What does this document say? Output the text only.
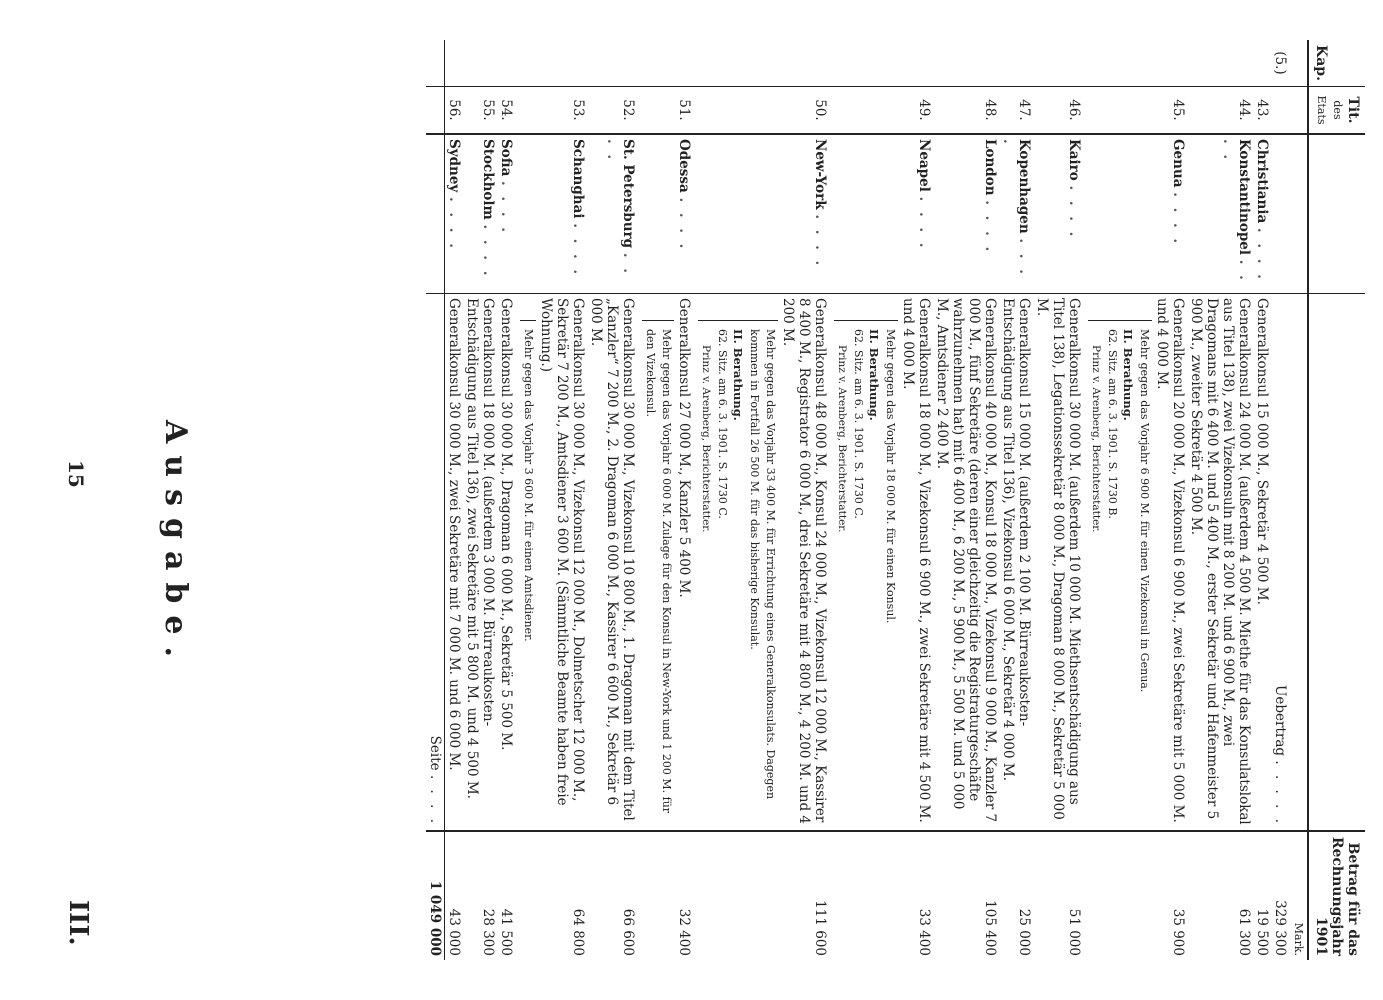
15
III.
Ausgabe.
Kap.	Tit.
des Etats			Betrag für das Rechnungsjahr 1901

				Mark.
(5.)			Uebertrag . . . . .	329 300
	43.	Christiania . . . .	Generalkonsul 15 000 M., Sekretär 4 500 M.	19 500
	44.	Konstantinopel . . . .	Generalkonsul 24 000 M. (außerdem 4 500 M. Miethe für das Konsulatslokal aus Titel 138), zwei Vizekonsuln mit 8 200 M. und 6 900 M., zwei Dragomans mit 6 400 M. und 5 400 M., erster Sekretär und Hafenmeister 5 900 M., zweiter Sekretär 4 500 M.	61 300
	45.	Genua . . . .	Generalkonsul 20 000 M., Vizekonsul 6 900 M., zwei Sekretäre mit 5 000 M. und 4 000 M.
Mehr gegen das Vorjahr 6 900 M. für einen Vizekonsul in Genua.
II. Berathung.
62. Sitz. am 6. 3. 1901. S. 1730 B.
Prinz v. Arenberg, Berichterstatter.	35 900
	46.	Kairo . . . .	Generalkonsul 30 000 M. (außerdem 10 000 M. Miethsentschädigung aus Titel 138), Legationssekretär 8 000 M., Dragoman 8 000 M., Sekretär 5 000 M.	51 000
	47.	Kopenhagen . . . .	Generalkonsul 15 000 M. (außerdem 2 100 M. Bürreaukosten-Entschädigung aus Titel 136), Vizekonsul 6 000 M., Sekretär 4 000 M.	25 000
	48.	London . . . .	Generalkonsul 40 000 M., Konsul 18 000 M., Vizekonsul 9 000 M., Kanzler 7 000 M., fünf Sekretäre (deren einer gleichzeitig die Registraturgeschäfte wahrzunehmen hat) mit 6 400 M., 6 200 M., 5 900 M., 5 500 M. und 5 000 M., Amtsdiener 2 400 M.	105 400
	49.	Neapel . . . .	Generalkonsul 18 000 M., Vizekonsul 6 900 M., zwei Sekretäre mit 4 500 M. und 4 000 M.
Mehr gegen das Vorjahr 18 000 M. für einen Konsul.
II. Berathung.
62. Sitz. am 6. 3. 1901. S. 1730 C.
Prinz v. Arenberg, Berichterstatter.	33 400
	50.	New-York . . . .	Generalkonsul 48 000 M., Konsul 24 000 M., Vizekonsul 12 000 M., Kassirer 8 400 M., Registrator 6 000 M., drei Sekretäre mit 4 800 M., 4 200 M. und 4 200 M.
Mehr gegen das Vorjahr 33 400 M. für Errichtung eines Generalkonsulats. Dagegen kommen in Fortfall 26 500 M. für das bisherige Konsulat.
II. Berathung.
62. Sitz. am 6. 3. 1901. S. 1730 C.
Prinz v. Arenberg, Berichterstatter.	111 600
	51.	Odessa . . . .	Generalkonsul 27 000 M., Kanzler 5 400 M.
Mehr gegen das Vorjahr 6 000 M. Zulage für den Konsul in New-York und 1 200 M. für den Vizekonsul.	32 400
	52.	St. Petersburg . . . .	Generalkonsul 30 000 M., Vizekonsul 10 800 M., 1. Dragoman mit dem Titel „Kanzler“ 7 200 M., 2. Dragoman 6 000 M., Kassirer 6 600 M., Sekretär 6 000 M.	66 600
	53.	Schanghai . . . .	Generalkonsul 30 000 M., Vizekonsul 12 000 M., Dolmetscher 12 000 M., Sekretär 7 200 M., Amtsdiener 3 600 M. (Sämmtliche Beamte haben freie Wohnung.)
Mehr gegen das Vorjahr 3 600 M. für einen Amtsdiener.	64 800
	54.	Sofia . . . .	Generalkonsul 30 000 M., Dragoman 6 000 M., Sekretär 5 500 M.	41 500
	55.	Stockholm . . . .	Generalkonsul 18 000 M. (außerdem 3 000 M. Bürreaukosten-Entschädigung aus Titel 136), zwei Sekretäre mit 5 800 M. und 4 500 M.	28 300
	56.	Sydney . . . .	Generalkonsul 30 000 M., zwei Sekretäre mit 7 000 M. und 6 000 M.	43 000
			Seite . . . .	1 049 000
